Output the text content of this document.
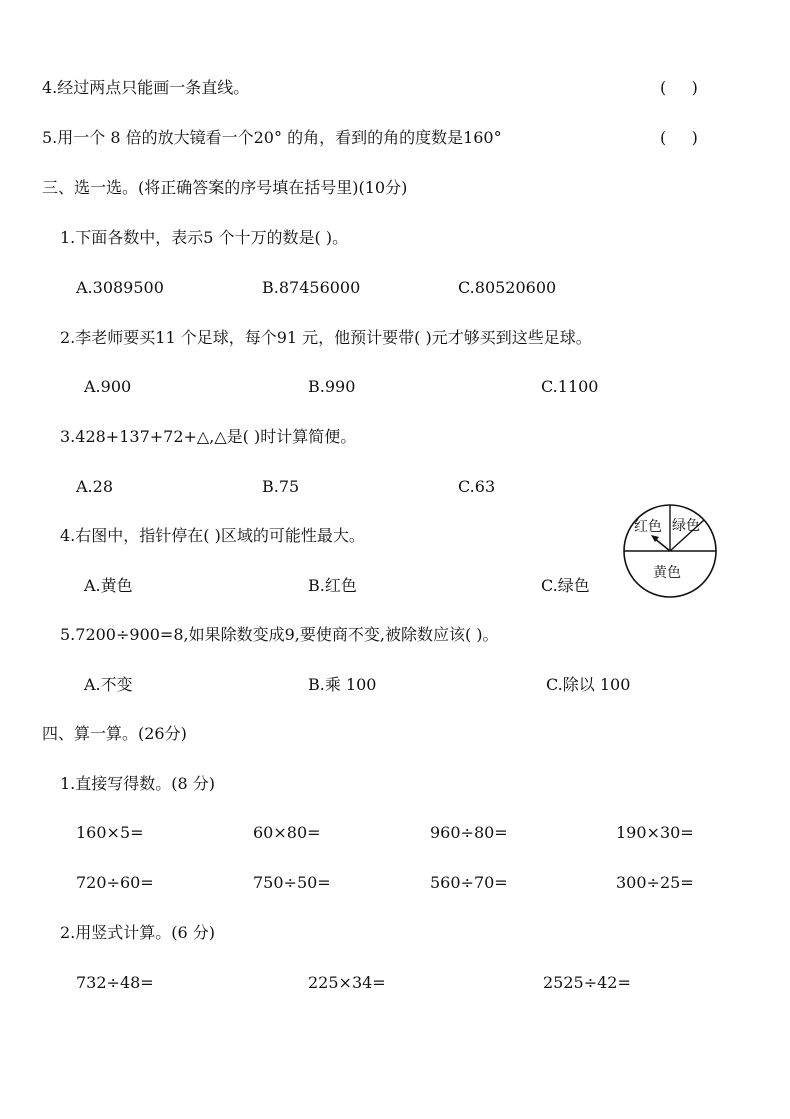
4.经过两点只能画一条直线。	(     )
5.用一个 8 倍的放大镜看一个20° 的角，看到的角的度数是160°	(     )
三、选一选。(将正确答案的序号填在括号里)(10分)
1.下面各数中，表示5 个十万的数是( )。
A.3089500	B.87456000	C.80520600
2.李老师要买11 个足球，每个91 元，他预计要带( )元才够买到这些足球。
A.900	B.990	C.1100
3.428+137+72+△,△是( )时计算简便。
A.28	B.75	C.63
4.右图中，指针停在( )区域的可能性最大。
A.黄色	B.红色	C.绿色
红色 绿色
黄色
5.7200÷900=8,如果除数变成9,要使商不变,被除数应该( )。
A.不变	B.乘 100	C.除以 100
四、算一算。(26分)
1.直接写得数。(8 分)
160×5=	60×80=	960÷80=	190×30=
720÷60=	750÷50=	560÷70=	300÷25=
2.用竖式计算。(6 分)
732÷48=	225×34=	2525÷42=
